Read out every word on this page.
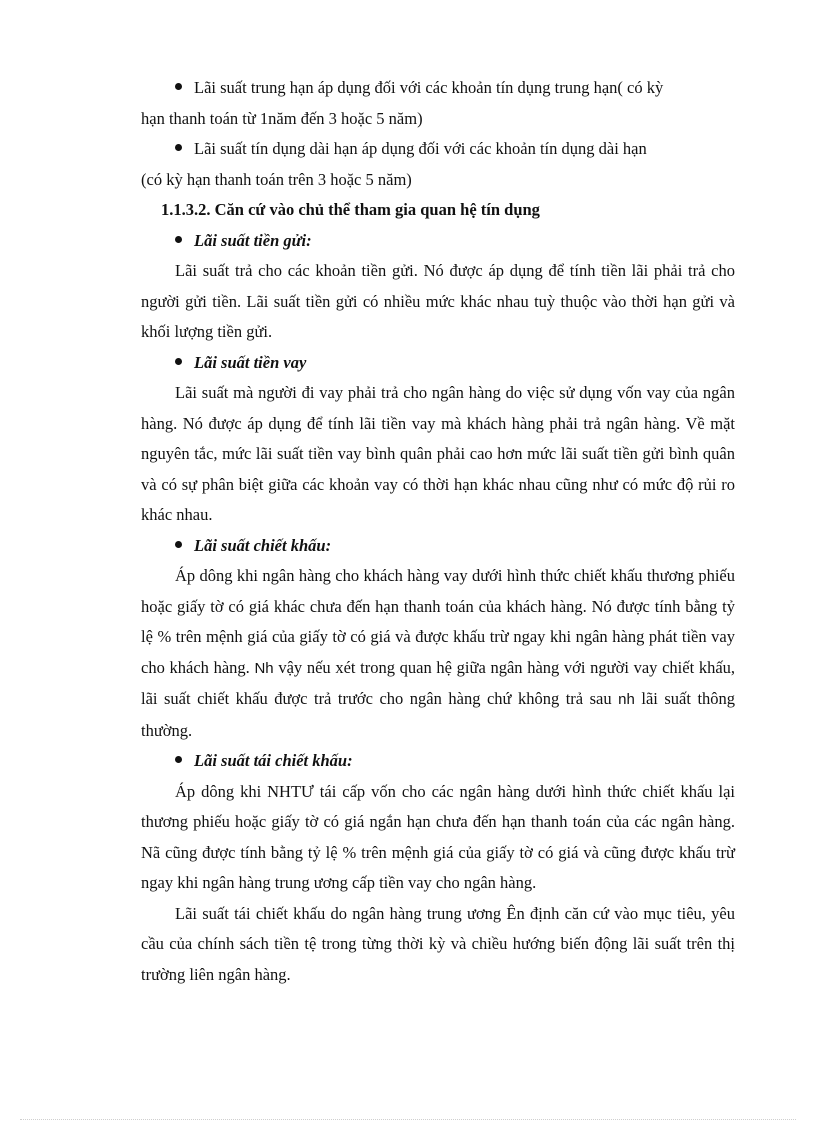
Lãi suất trung hạn áp dụng đối với các khoản tín dụng trung hạn( có kỳ

hạn thanh toán từ 1năm đến 3 hoặc 5 năm)

Lãi suất tín dụng dài hạn áp dụng đối với các khoản tín dụng dài hạn

(có kỳ hạn thanh toán trên 3 hoặc 5 năm)

1.1.3.2. Căn cứ vào chủ thể tham gia quan hệ tín dụng

Lãi suất tiền gửi:

Lãi suất trả cho các khoản tiền gửi. Nó được áp dụng để tính tiền lãi phải trả cho người gửi tiền. Lãi suất tiền gửi có nhiều mức khác nhau tuỳ thuộc vào thời hạn gửi và khối lượng tiền gửi.

Lãi suất tiền vay

Lãi suất mà người đi vay phải trả cho ngân hàng do việc sử dụng vốn vay của ngân hàng. Nó được áp dụng để tính lãi tiền vay mà khách hàng phải trả ngân hàng. Về mặt nguyên tắc, mức lãi suất tiền vay bình quân phải cao hơn mức lãi suất tiền gửi bình quân và có sự phân biệt giữa các khoản vay có thời hạn khác nhau cũng như có mức độ rủi ro khác nhau.

Lãi suất chiết khấu:

Áp dông khi ngân hàng cho khách hàng vay dưới hình thức chiết khấu thương phiếu hoặc giấy tờ có giá khác chưa đến hạn thanh toán của khách hàng. Nó được tính bằng tỷ lệ % trên mệnh giá của giấy tờ có giá và được khấu trừ ngay khi ngân hàng phát tiền vay cho khách hàng. Nh vậy nếu xét trong quan hệ giữa ngân hàng với người vay chiết khấu, lãi suất chiết khấu được trả trước cho ngân hàng chứ không trả sau nh lãi suất thông thường.

Lãi suất tái chiết khấu:

Áp dông khi NHTƯ tái cấp vốn cho các ngân hàng dưới hình thức chiết khấu lại thương phiếu hoặc giấy tờ có giá ngắn hạn chưa đến hạn thanh toán của các ngân hàng. Nã cũng được tính bằng tỷ lệ % trên mệnh giá của giấy tờ có giá và cũng được khấu trừ ngay khi ngân hàng trung ương cấp tiền vay cho ngân hàng.

Lãi suất tái chiết khấu do ngân hàng trung ương Ên định căn cứ vào mục tiêu, yêu cầu của chính sách tiền tệ trong từng thời kỳ và chiều hướng biến động lãi suất trên thị trường liên ngân hàng.
